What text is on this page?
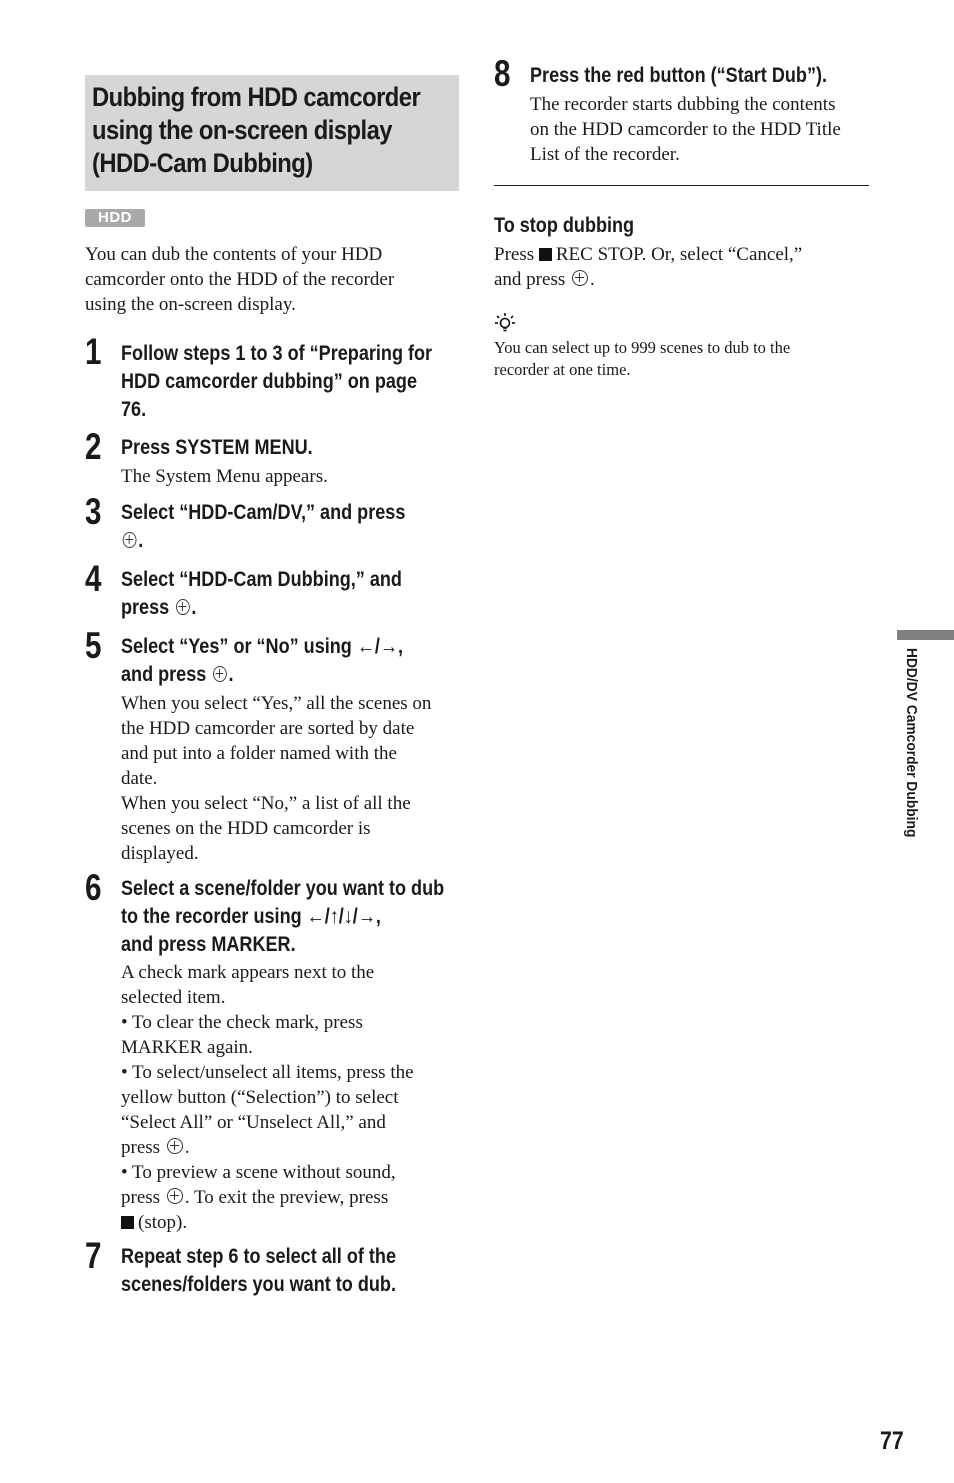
Dubbing from HDD camcorder
using the on-screen display
(HDD-Cam Dubbing)
HDD
You can dub the contents of your HDD
camcorder onto the HDD of the recorder
using the on-screen display.
1 Follow steps 1 to 3 of “Preparing for
HDD camcorder dubbing” on page
76.
2 Press SYSTEM MENU.
The System Menu appears.
3 Select “HDD-Cam/DV,” and press
.
4 Select “HDD-Cam Dubbing,” and
press .
5 Select “Yes” or “No” using ←/→,
and press .
When you select “Yes,” all the scenes on
the HDD camcorder are sorted by date
and put into a folder named with the
date.
When you select “No,” a list of all the
scenes on the HDD camcorder is
displayed.
6 Select a scene/folder you want to dub
to the recorder using ←/↑/↓/→,
and press MARKER.
A check mark appears next to the
selected item.
• To clear the check mark, press
MARKER again.
• To select/unselect all items, press the
yellow button (“Selection”) to select
“Select All” or “Unselect All,” and
press .
• To preview a scene without sound,
press . To exit the preview, press
(stop).
7 Repeat step 6 to select all of the
scenes/folders you want to dub.
8 Press the red button (“Start Dub”).
The recorder starts dubbing the contents
on the HDD camcorder to the HDD Title
List of the recorder.
To stop dubbing
Press REC STOP. Or, select “Cancel,”
and press .
You can select up to 999 scenes to dub to the
recorder at one time.
HDD/DV Camcorder Dubbing
77
